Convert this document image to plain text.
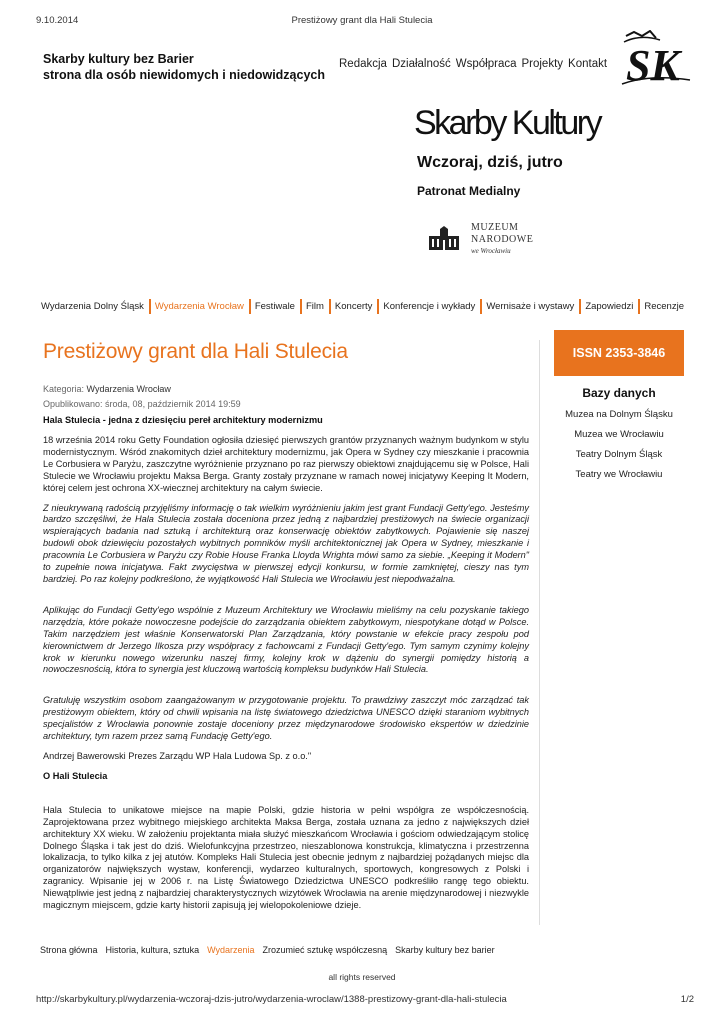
9.10.2014	Prestiżowy grant dla Hali Stulecia
Skarby kultury bez Barier
strona dla osób niewidomych i niedowidzących
Redakcja Działalność Współpraca Projekty Kontakt SK
Skarby Kultury
Wczoraj, dziś, jutro
Patronat Medialny
MUZEUM
NARODOWE
we Wrocławiu
Wydarzenia Dolny Śląsk	Wydarzenia Wrocław	Festiwale	Film	Koncerty	Konferencje i wykłady	Wernisaże i wystawy	Zapowiedzi	Recenzje
Prestiżowy grant dla Hali Stulecia
Kategoria: Wydarzenia Wrocław
Opublikowano: środa, 08, październik 2014 19:59
Hala Stulecia - jedna z dziesięciu pereł architektury modernizmu

18 września 2014 roku Getty Foundation ogłosiła dziesięć pierwszych grantów przyznanych ważnym budynkom w stylu modernistycznym. Wśród znakomitych dzieł architektury modernizmu, jak Opera w Sydney czy mieszkanie i pracownia Le Corbusiera w Paryżu, zaszczytne wyróżnienie przyznano po raz pierwszy obiektowi znajdującemu się w Polsce, Hali Stulecie we Wrocławiu projektu Maksa Berga. Granty zostały przyznane w ramach nowej inicjatywy Keeping It Modern, której celem jest ochrona XX-wiecznej architektury na całym świecie.

Z nieukrywaną radością przyjęliśmy informację o tak wielkim wyróżnieniu jakim jest grant Fundacji Getty'ego. Jesteśmy bardzo szczęśliwi, że Hala Stulecia została doceniona przez jedną z najbardziej prestiżowych na świecie organizacji wspierających badania nad sztuką i architekturą oraz konserwację obiektów zabytkowych. Pojawienie się naszej budowli obok dziewięciu pozostałych wybitnych pomników myśli architektonicznej jak Opera w Sydney, mieszkanie i pracownia Le Corbusiera w Paryżu czy Robie House Franka Lloyda Wrighta mówi samo za siebie. „Keeping it Modern" to zupełnie nowa inicjatywa. Fakt zwycięstwa w pierwszej edycji konkursu, w formie zamkniętej, cieszy nas tym bardziej. Po raz kolejny podkreślono, że wyjątkowość Hali Stulecia we Wrocławiu jest niepodważalna.

Aplikując do Fundacji Getty'ego wspólnie z Muzeum Architektury we Wrocławiu mieliśmy na celu pozyskanie takiego narzędzia, które pokaże nowoczesne podejście do zarządzania obiektem zabytkowym, niespotykane dotąd w Polsce. Takim narzędziem jest właśnie Konserwatorski Plan Zarządzania, który powstanie w efekcie pracy zespołu pod kierownictwem dr Jerzego Ilkosza przy współpracy z fachowcami z Fundacji Getty'ego. Tym samym czynimy kolejny krok w kierunku nowego wizerunku naszej firmy, kolejny krok w dążeniu do synergii pomiędzy historią a nowoczesnością, która to synergia jest kluczową wartością kompleksu budynków Hali Stulecia.

Gratuluję wszystkim osobom zaangażowanym w przygotowanie projektu. To prawdziwy zaszczyt móc zarządzać tak prestiżowym obiektem, który od chwili wpisania na listę światowego dziedzictwa UNESCO dzięki staraniom wybitnych specjalistów z Wrocławia ponownie zostaje doceniony przez międzynarodowe środowisko ekspertów w dziedzinie architektury, tym razem przez samą Fundację Getty'ego.

Andrzej Bawerowski Prezes Zarządu WP Hala Ludowa Sp. z o.o."

O Hali Stulecia

Hala Stulecia to unikatowe miejsce na mapie Polski, gdzie historia w pełni współgra ze współczesnością. Zaprojektowana przez wybitnego miejskiego architekta Maksa Berga, została uznana za jedno z największych dzieł architektury XX wieku. W założeniu projektanta miała służyć mieszkańcom Wrocławia i gościom odwiedzającym stolicę Dolnego Śląska i tak jest do dziś. Wielofunkcyjna przestrzeo, nieszablonowa konstrukcja, klimatyczna i przestrzenna lokalizacja, to tylko kilka z jej atutów. Kompleks Hali Stulecia jest obecnie jednym z najbardziej pożądanych miejsc dla organizatorów największych wystaw, konferencji, wydarzeo kulturalnych, sportowych, kongresowych z Polski i zagranicy. Wpisanie jej w 2006 r. na Listę Światowego Dziedzictwa UNESCO podkreśliło rangę tego obiektu. Niewątpliwie jest jedną z najbardziej charakterystycznych wizytówek Wrocławia na arenie międzynarodowej i niezwykle magicznym miejscem, gdzie karty historii zapisują jej wielopokoleniowe dzieje.

ISSN 2353-3846
Bazy danych
Muzea na Dolnym Śląsku
Muzea we Wrocławiu
Teatry Dolnym Śląsk
Teatry we Wrocławiu
Strona główna Historia, kultura, sztuka Wydarzenia Zrozumieć sztukę współczesną Skarby kultury bez barier
all rights reserved
http://skarbykultury.pl/wydarzenia-wczoraj-dzis-jutro/wydarzenia-wroclaw/1388-prestizowy-grant-dla-hali-stulecia	1/2
